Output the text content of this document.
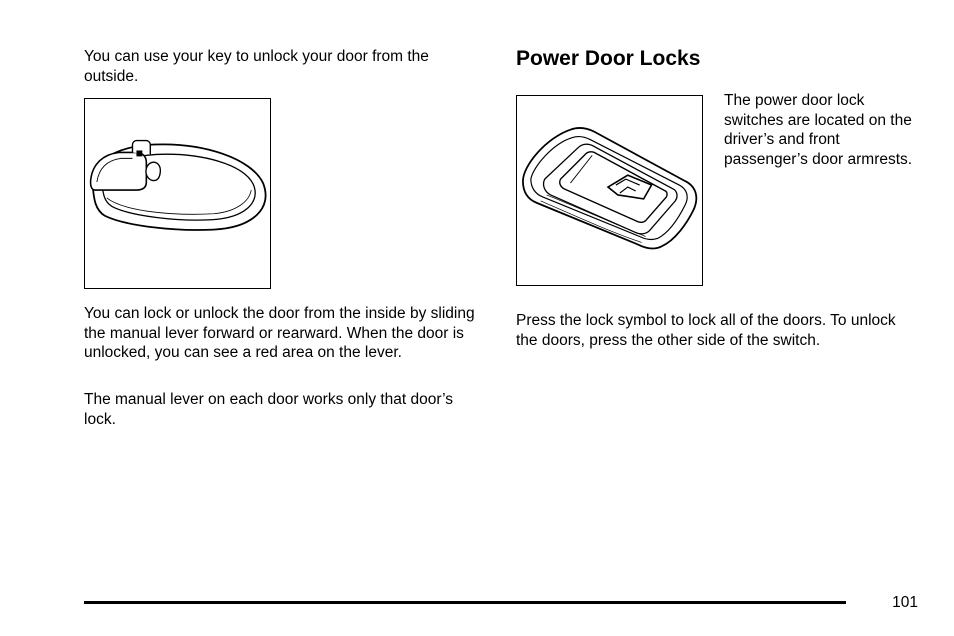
You can use your key to unlock your door from the outside.

You can lock or unlock the door from the inside by sliding the manual lever forward or rearward. When the door is unlocked, you can see a red area on the lever.

The manual lever on each door works only that door’s lock.

Power Door Locks

The power door lock switches are located on the driver’s and front passenger’s door armrests.

Press the lock symbol to lock all of the doors. To unlock the doors, press the other side of the switch.

101
